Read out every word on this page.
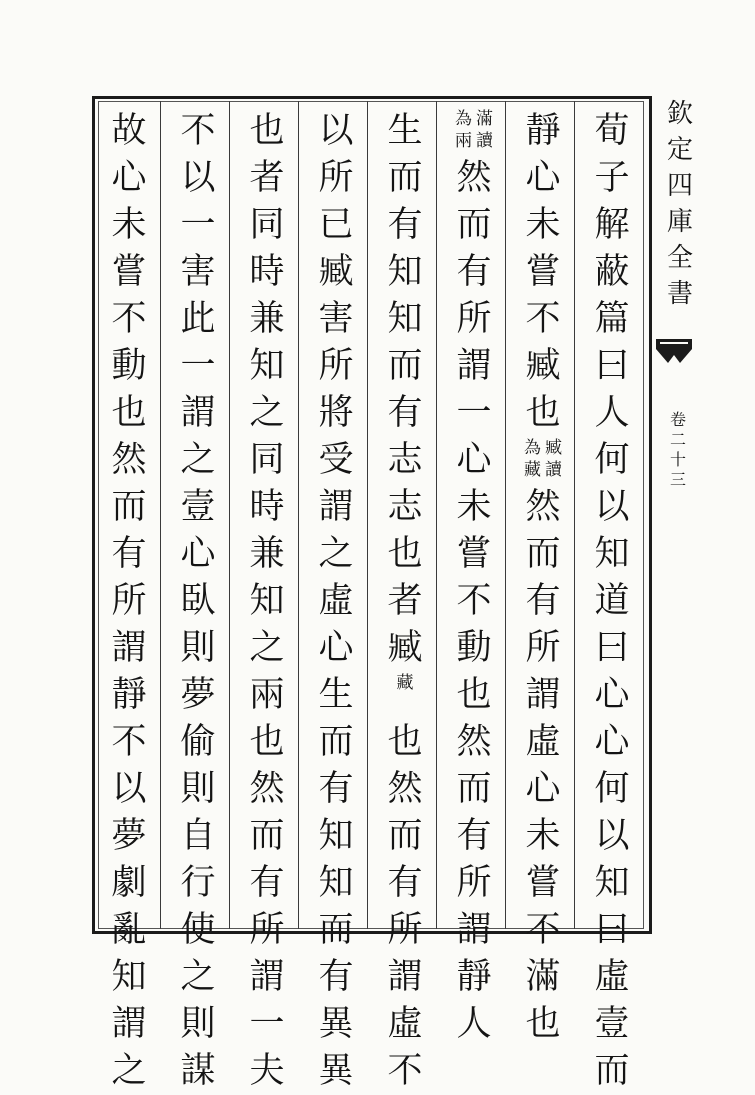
欽
定
四
庫
全
書
卷
二
十
三
荀
子
解
蔽
篇
曰
人
何
以
知
道
曰
心
心
何
以
知
曰
虛
壹
而
靜
心
未
嘗
不
臧
也
臧
讀
為
藏
然
而
有
所
謂
虛
心
未
嘗
不
滿
也
滿
讀
為
兩
然
而
有
所
謂
一
心
未
嘗
不
動
也
然
而
有
所
謂
靜
人
生
而
有
知
知
而
有
志
志
也
者
臧
藏
也
然
而
有
所
謂
虛
不
以
所
已
臧
害
所
將
受
謂
之
虛
心
生
而
有
知
知
而
有
異
異
也
者
同
時
兼
知
之
同
時
兼
知
之
兩
也
然
而
有
所
謂
一
夫
不
以
一
害
此
一
謂
之
壹
心
臥
則
夢
偷
則
自
行
使
之
則
謀
故
心
未
嘗
不
動
也
然
而
有
所
謂
靜
不
以
夢
劇
亂
知
謂
之
